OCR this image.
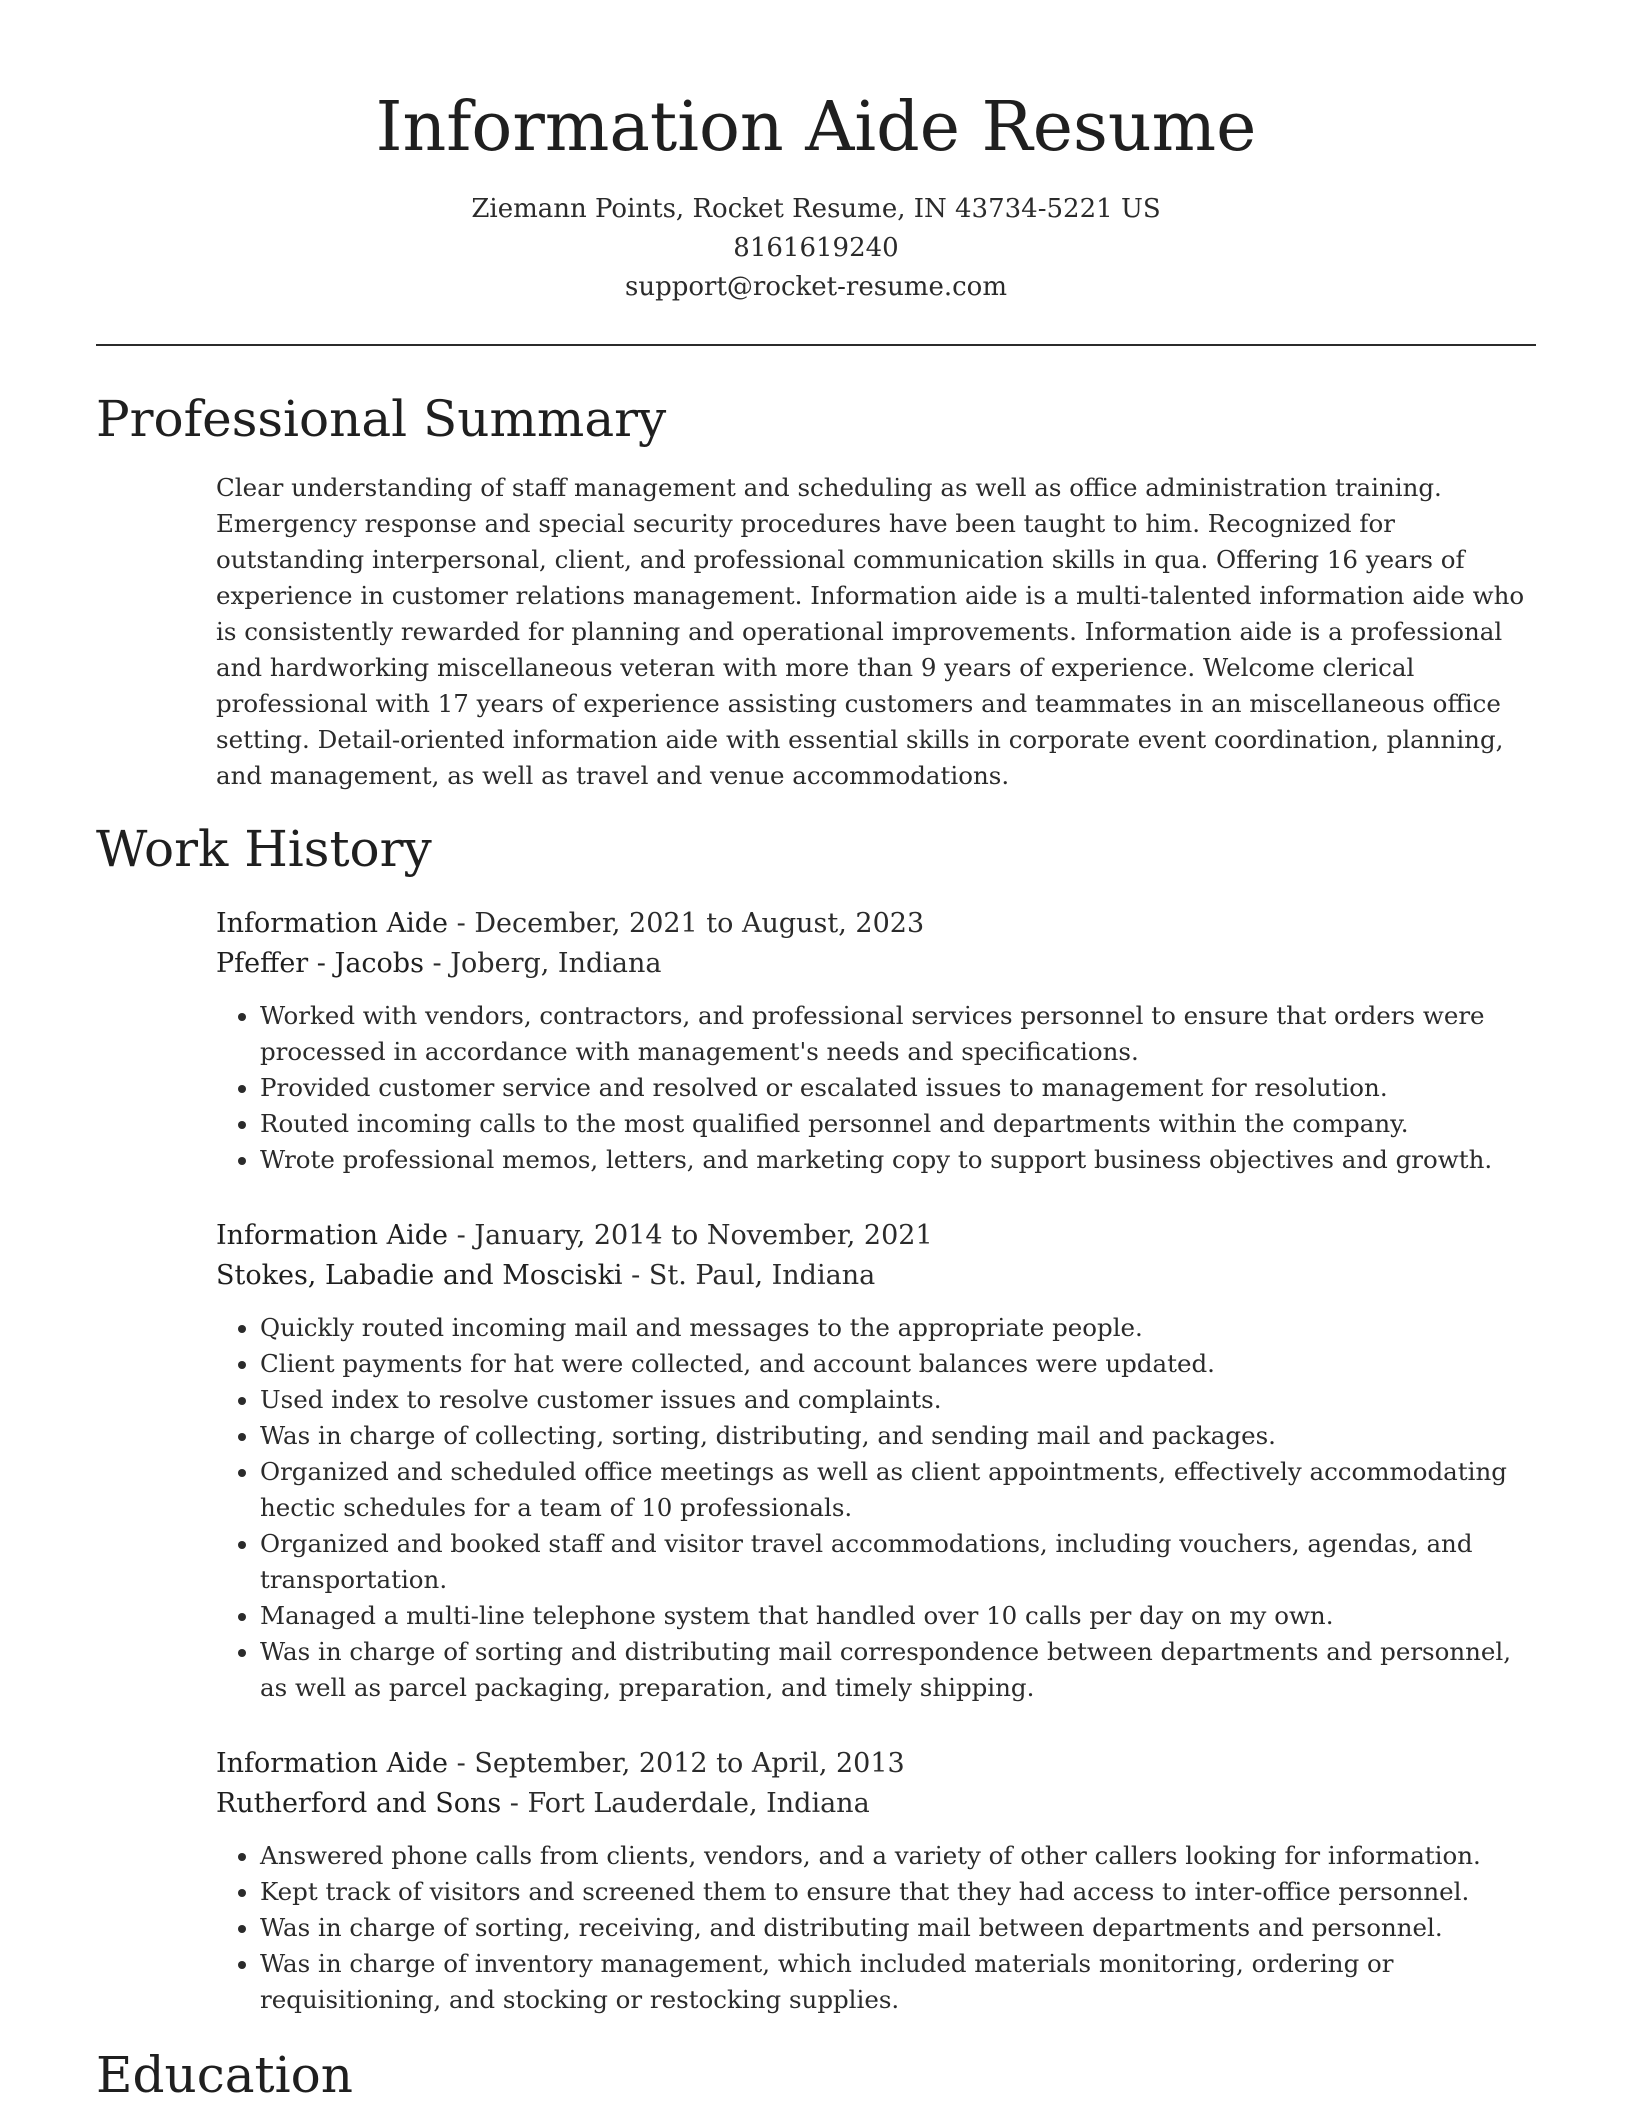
Information Aide Resume
Ziemann Points, Rocket Resume, IN 43734-5221 US
8161619240
support@rocket-resume.com
Professional Summary

Clear understanding of staff management and scheduling as well as office administration training. Emergency response and special security procedures have been taught to him. Recognized for outstanding interpersonal, client, and professional communication skills in qua. Offering 16 years of experience in customer relations management. Information aide is a multi-talented information aide who is consistently rewarded for planning and operational improvements. Information aide is a professional and hardworking miscellaneous veteran with more than 9 years of experience. Welcome clerical professional with 17 years of experience assisting customers and teammates in an miscellaneous office setting. Detail-oriented information aide with essential skills in corporate event coordination, planning, and management, as well as travel and venue accommodations.

Work History
Information Aide - December, 2021 to August, 2023
Pfeffer - Jacobs - Joberg, Indiana
• Worked with vendors, contractors, and professional services personnel to ensure that orders were processed in accordance with management's needs and specifications.
• Provided customer service and resolved or escalated issues to management for resolution.
• Routed incoming calls to the most qualified personnel and departments within the company.
• Wrote professional memos, letters, and marketing copy to support business objectives and growth.
Information Aide - January, 2014 to November, 2021
Stokes, Labadie and Mosciski - St. Paul, Indiana
• Quickly routed incoming mail and messages to the appropriate people.
• Client payments for hat were collected, and account balances were updated.
• Used index to resolve customer issues and complaints.
• Was in charge of collecting, sorting, distributing, and sending mail and packages.
• Organized and scheduled office meetings as well as client appointments, effectively accommodating hectic schedules for a team of 10 professionals.
• Organized and booked staff and visitor travel accommodations, including vouchers, agendas, and transportation.
• Managed a multi-line telephone system that handled over 10 calls per day on my own.
• Was in charge of sorting and distributing mail correspondence between departments and personnel, as well as parcel packaging, preparation, and timely shipping.
Information Aide - September, 2012 to April, 2013
Rutherford and Sons - Fort Lauderdale, Indiana
• Answered phone calls from clients, vendors, and a variety of other callers looking for information.
• Kept track of visitors and screened them to ensure that they had access to inter-office personnel.
• Was in charge of sorting, receiving, and distributing mail between departments and personnel.
• Was in charge of inventory management, which included materials monitoring, ordering or requisitioning, and stocking or restocking supplies.
Education
